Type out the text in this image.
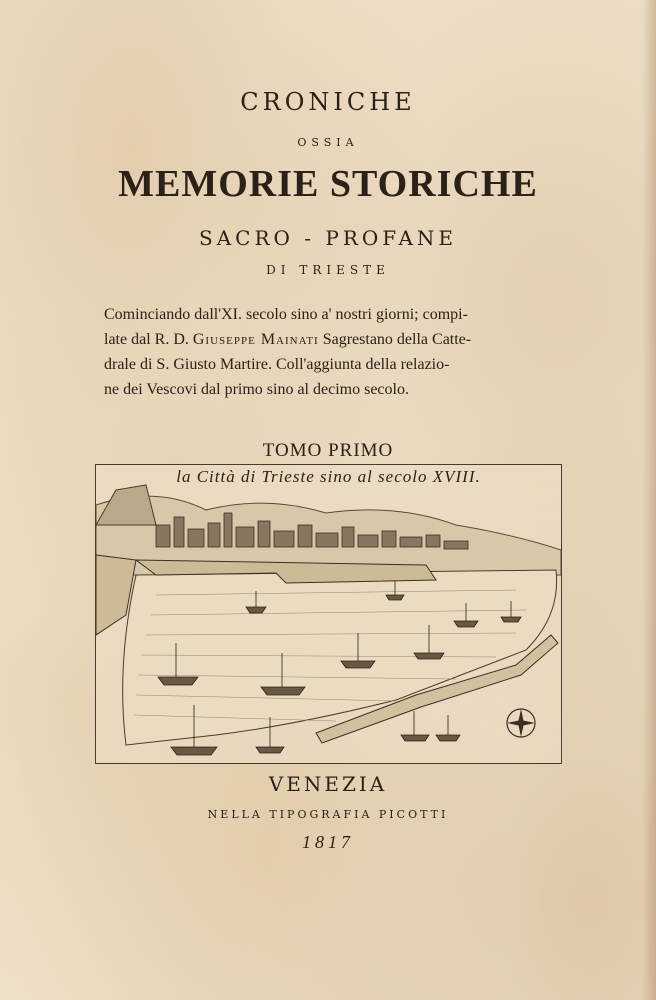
CRONICHE
OSSIA
MEMORIE STORICHE
SACRO - PROFANE
DI TRIESTE
Cominciando dall'XI. secolo sino a' nostri giorni; compi-
late dal R. D. Giuseppe Mainati Sagrestano della Catte-
drale di S. Giusto Martire. Coll'aggiunta della relazio-
ne dei Vescovi dal primo sino al decimo secolo.
TOMO PRIMO
la Città di Trieste sino al secolo XVIII.
VENEZIA
NELLA TIPOGRAFIA PICOTTI
1817
